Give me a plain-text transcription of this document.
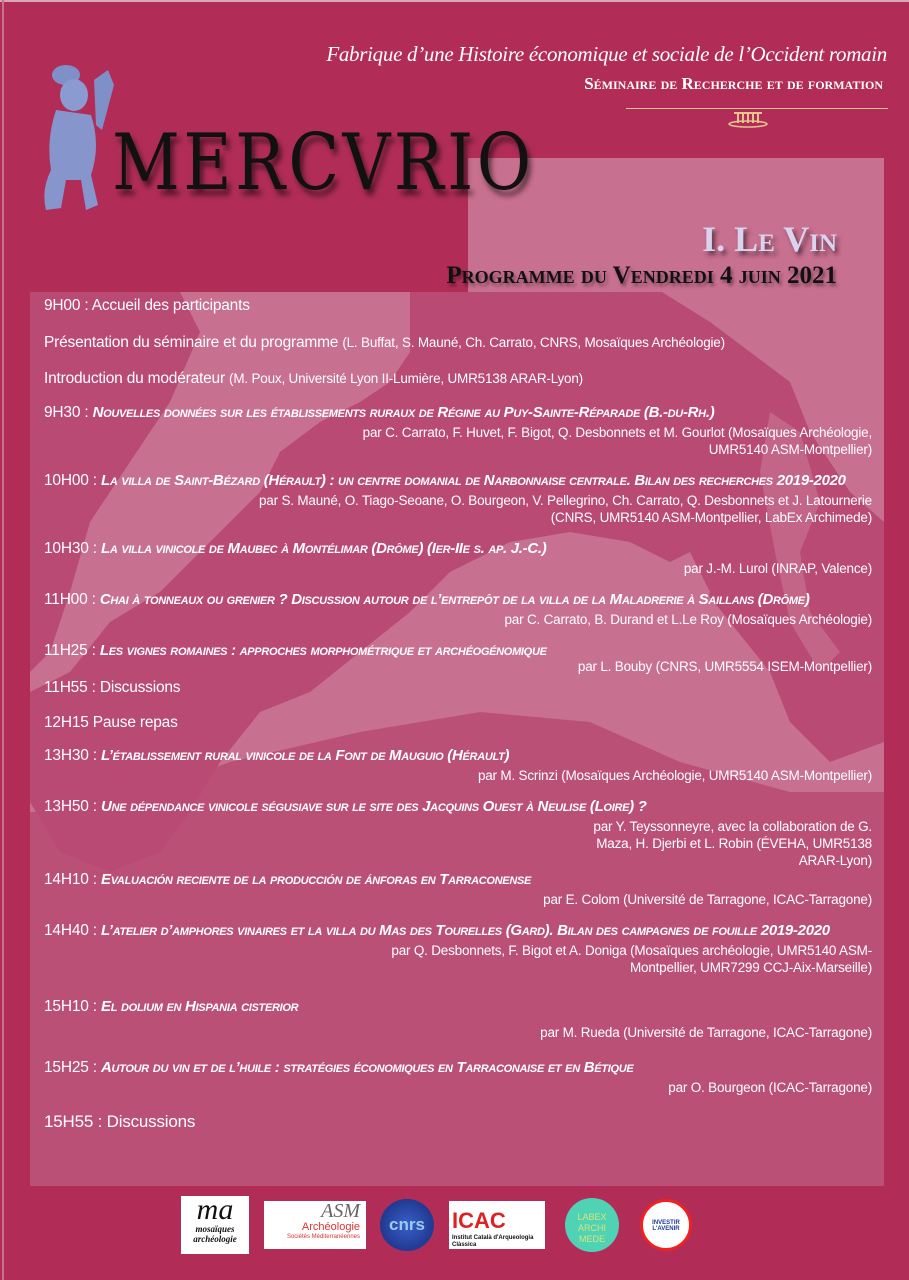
MERCVRIO
Fabrique d’une Histoire économique et sociale de l’Occident romain
Séminaire de Recherche et de formation
I. Le Vin
Programme du Vendredi 4 juin 2021
9H00 : Accueil des participants
Présentation du séminaire et du programme (L. Buffat, S. Mauné, Ch. Carrato, CNRS, Mosaïques Archéologie)
Introduction du modérateur (M. Poux, Université Lyon II-Lumière, UMR5138 ARAR-Lyon)
9H30 : Nouvelles données sur les établissements ruraux de Régine au Puy-Sainte-Réparade (B.-du-Rh.)
par C. Carrato, F. Huvet, F. Bigot, Q. Desbonnets et M. Gourlot (Mosaïques Archéologie, UMR5140 ASM-Montpellier)
10H00 : La villa de Saint-Bézard (Hérault) : un centre domanial de Narbonnaise centrale. Bilan des recherches 2019-2020
par S. Mauné, O. Tiago-Seoane, O. Bourgeon, V. Pellegrino, Ch. Carrato, Q. Desbonnets et J. Latournerie (CNRS, UMR5140 ASM-Montpellier, LabEx Archimede)
10H30 : La villa vinicole de Maubec à Montélimar (Drôme) (Ier-IIe s. ap. J.-C.)
par J.-M. Lurol (INRAP, Valence)
11H00 : Chai à tonneaux ou grenier ? Discussion autour de l’entrepôt de la villa de la Maladrerie à Saillans (Drôme)
par C. Carrato, B. Durand et L.Le Roy (Mosaïques Archéologie)
11H25 : Les vignes romaines : approches morphométrique et archéogénomique
par L. Bouby (CNRS, UMR5554 ISEM-Montpellier)
11H55 : Discussions
12H15 Pause repas
13H30 : L’établissement rural vinicole de la Font de Mauguio (Hérault)
par M. Scrinzi (Mosaïques Archéologie, UMR5140 ASM-Montpellier)
13H50 : Une dépendance vinicole ségusiave sur le site des Jacquins Ouest à Neulise (Loire) ?
par Y. Teyssonneyre, avec la collaboration de G. Maza, H. Djerbi et L. Robin (ÉVEHA, UMR5138 ARAR-Lyon)
14H10 : Evaluación reciente de la producción de ánforas en Tarraconense
par E. Colom (Université de Tarragone, ICAC-Tarragone)
14H40 : L’atelier d’amphores vinaires et la villa du Mas des Tourelles (Gard). Bilan des campagnes de fouille 2019-2020
par Q. Desbonnets, F. Bigot et A. Doniga (Mosaïques archéologie, UMR5140 ASM-Montpellier, UMR7299 CCJ-Aix-Marseille)
15H10 : El dolium en Hispania cisterior
par M. Rueda (Université de Tarragone, ICAC-Tarragone)
15H25 : Autour du vin et de l’huile : stratégies économiques en Tarraconaise et en Bétique
par O. Bourgeon (ICAC-Tarragone)
15H55 : Discussions
ma
mosaïques archéologie
ASM
Archéologie
Sociétés Méditerranéennes
cnrs	ICAC
Institut Català d'Arqueologia Clàssica
LABEX ARCHI MEDE
INVESTIR L'AVENIR
